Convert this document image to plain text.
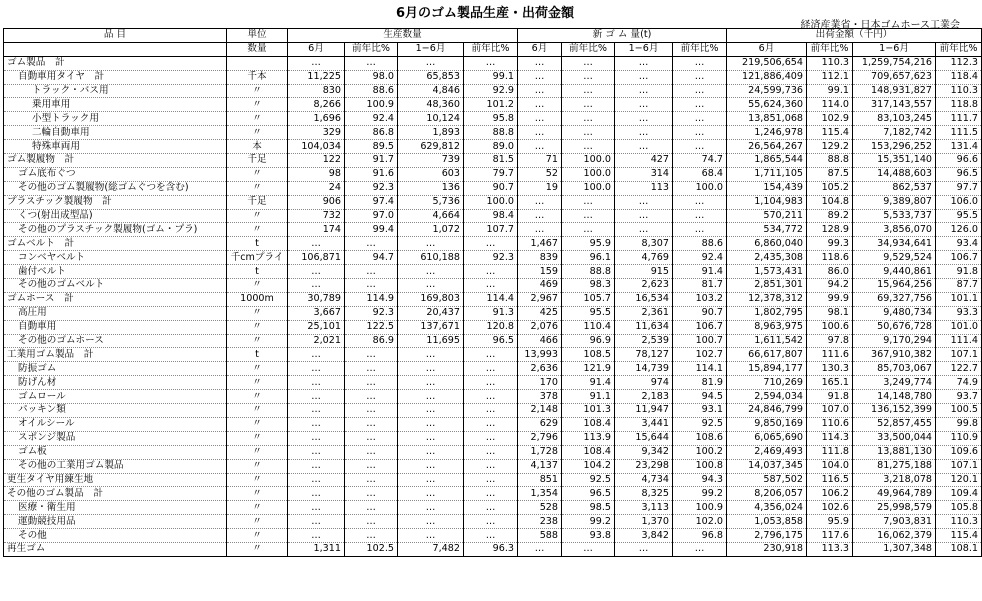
6月のゴム製品生産・出荷金額
経済産業省・日本ゴムホース工業会
品 目	単位	生産数量				新 ゴ ム 量(t)				出荷金額（千円）			
	数量	6月	前年比%	1−6月	前年比%	6月	前年比%	1−6月	前年比%	6月	前年比%	1−6月	前年比%
ゴム製品　計		…	…	…	…	…	…	…	…	219,506,654	110.3	1,259,754,216	112.3
自動車用タイヤ　計	千本	11,225	98.0	65,853	99.1	…	…	…	…	121,886,409	112.1	709,657,623	118.4
トラック・バス用	〃	830	88.6	4,846	92.9	…	…	…	…	24,599,736	99.1	148,931,827	110.3
乗用車用	〃	8,266	100.9	48,360	101.2	…	…	…	…	55,624,360	114.0	317,143,557	118.8
小型トラック用	〃	1,696	92.4	10,124	95.8	…	…	…	…	13,851,068	102.9	83,103,245	111.7
二輪自動車用	〃	329	86.8	1,893	88.8	…	…	…	…	1,246,978	115.4	7,182,742	111.5
特殊車両用	本	104,034	89.5	629,812	89.0	…	…	…	…	26,564,267	129.2	153,296,252	131.4
ゴム製履物　計	千足	122	91.7	739	81.5	71	100.0	427	74.7	1,865,544	88.8	15,351,140	96.6
ゴム底布ぐつ	〃	98	91.6	603	79.7	52	100.0	314	68.4	1,711,105	87.5	14,488,603	96.5
その他のゴム製履物(総ゴムぐつを含む)	〃	24	92.3	136	90.7	19	100.0	113	100.0	154,439	105.2	862,537	97.7
プラスチック製履物　計	千足	906	97.4	5,736	100.0	…	…	…	…	1,104,983	104.8	9,389,807	106.0
くつ(射出成型品)	〃	732	97.0	4,664	98.4	…	…	…	…	570,211	89.2	5,533,737	95.5
その他のプラスチック製履物(ゴム・プラ)	〃	174	99.4	1,072	107.7	…	…	…	…	534,772	128.9	3,856,070	126.0
ゴムベルト　計	t	…	…	…	…	1,467	95.9	8,307	88.6	6,860,040	99.3	34,934,641	93.4
コンベヤベルト	千cmプライ	106,871	94.7	610,188	92.3	839	96.1	4,769	92.4	2,435,308	118.6	9,529,524	106.7
歯付ベルト	t	…	…	…	…	159	88.8	915	91.4	1,573,431	86.0	9,440,861	91.8
その他のゴムベルト	〃	…	…	…	…	469	98.3	2,623	81.7	2,851,301	94.2	15,964,256	87.7
ゴムホース　計	1000m	30,789	114.9	169,803	114.4	2,967	105.7	16,534	103.2	12,378,312	99.9	69,327,756	101.1
高圧用	〃	3,667	92.3	20,437	91.3	425	95.5	2,361	90.7	1,802,795	98.1	9,480,734	93.3
自動車用	〃	25,101	122.5	137,671	120.8	2,076	110.4	11,634	106.7	8,963,975	100.6	50,676,728	101.0
その他のゴムホース	〃	2,021	86.9	11,695	96.5	466	96.9	2,539	100.7	1,611,542	97.8	9,170,294	111.4
工業用ゴム製品　計	t	…	…	…	…	13,993	108.5	78,127	102.7	66,617,807	111.6	367,910,382	107.1
防振ゴム	〃	…	…	…	…	2,636	121.9	14,739	114.1	15,894,177	130.3	85,703,067	122.7
防げん材	〃	…	…	…	…	170	91.4	974	81.9	710,269	165.1	3,249,774	74.9
ゴムロール	〃	…	…	…	…	378	91.1	2,183	94.5	2,594,034	91.8	14,148,780	93.7
パッキン類	〃	…	…	…	…	2,148	101.3	11,947	93.1	24,846,799	107.0	136,152,399	100.5
オイルシール	〃	…	…	…	…	629	108.4	3,441	92.5	9,850,169	110.6	52,857,455	99.8
スポンジ製品	〃	…	…	…	…	2,796	113.9	15,644	108.6	6,065,690	114.3	33,500,044	110.9
ゴム板	〃	…	…	…	…	1,728	108.4	9,342	100.2	2,469,493	111.8	13,881,130	109.6
その他の工業用ゴム製品	〃	…	…	…	…	4,137	104.2	23,298	100.8	14,037,345	104.0	81,275,188	107.1
更生タイヤ用練生地	〃	…	…	…	…	851	92.5	4,734	94.3	587,502	116.5	3,218,078	120.1
その他のゴム製品　計	〃	…	…	…	…	1,354	96.5	8,325	99.2	8,206,057	106.2	49,964,789	109.4
医療・衛生用	〃	…	…	…	…	528	98.5	3,113	100.9	4,356,024	102.6	25,998,579	105.8
運動競技用品	〃	…	…	…	…	238	99.2	1,370	102.0	1,053,858	95.9	7,903,831	110.3
その他	〃	…	…	…	…	588	93.8	3,842	96.8	2,796,175	117.6	16,062,379	115.4
再生ゴム	〃	1,311	102.5	7,482	96.3	…	…	…	…	230,918	113.3	1,307,348	108.1
